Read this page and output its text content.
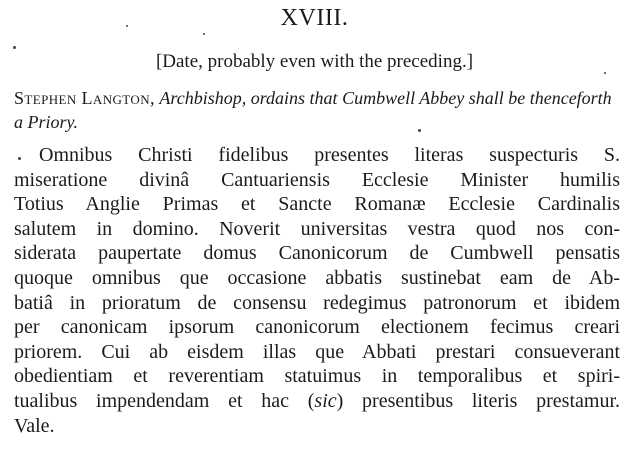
XVIII.
[Date, probably even with the preceding.]
Stephen Langton, Archbishop, ordains that Cumbwell Abbey shall be thenceforth a Priory.
Omnibus Christi fidelibus presentes literas suspecturis S.
miseratione divinâ Cantuariensis Ecclesie Minister humilis
Totius Anglie Primas et Sancte Romanæ Ecclesie Cardinalis
salutem in domino. Noverit universitas vestra quod nos con-
siderata paupertate domus Canonicorum de Cumbwell pensatis
quoque omnibus que occasione abbatis sustinebat eam de Ab-
batiâ in prioratum de consensu redegimus patronorum et ibidem
per canonicam ipsorum canonicorum electionem fecimus creari
priorem. Cui ab eisdem illas que Abbati prestari consueverant
obedientiam et reverentiam statuimus in temporalibus et spiri-
tualibus impendendam et hac (sic) presentibus literis prestamur.
Vale.
